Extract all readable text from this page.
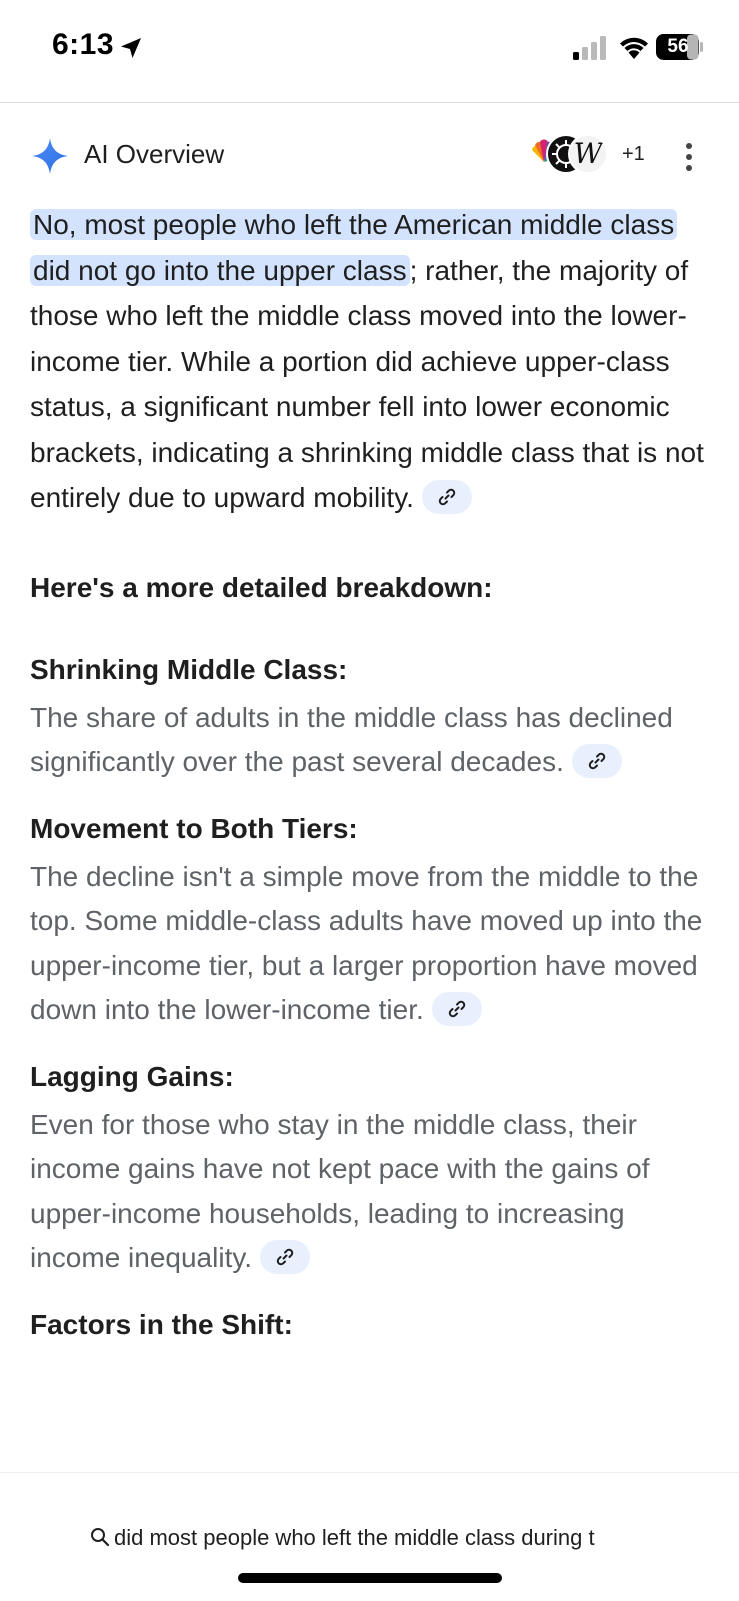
6:13	56
AI Overview	W +1

No, most people who left the American middle class did not go into the upper class ; rather, the majority of those who left the middle class moved into the lower-income tier. While a portion did achieve upper-class status, a significant number fell into lower economic brackets, indicating a shrinking middle class that is not entirely due to upward mobility.

Here's a more detailed breakdown:

Shrinking Middle Class:

The share of adults in the middle class has declined significantly over the past several decades.

Movement to Both Tiers:

The decline isn't a simple move from the middle to the top. Some middle-class adults have moved up into the upper-income tier, but a larger proportion have moved down into the lower-income tier.

Lagging Gains:

Even for those who stay in the middle class, their income gains have not kept pace with the gains of upper-income households, leading to increasing income inequality.

Factors in the Shift:

did most people who left the middle class during t
